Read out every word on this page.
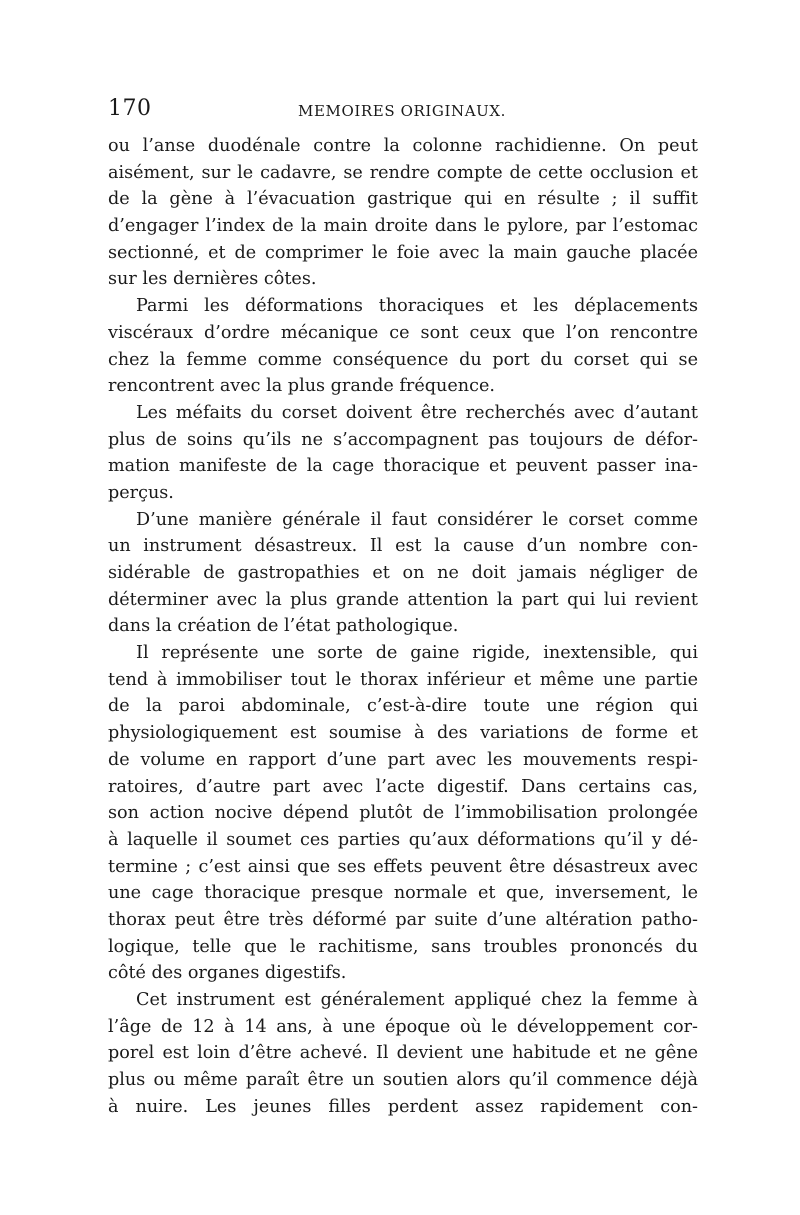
170	MEMOIRES ORIGINAUX.
ou l’anse duodénale contre la colonne rachidienne. On peut
aisément, sur le cadavre, se rendre compte de cette occlusion et
de la gène à l’évacuation gastrique qui en résulte ; il suffit
d’engager l’index de la main droite dans le pylore, par l’estomac
sectionné, et de comprimer le foie avec la main gauche placée
sur les dernières côtes.
Parmi les déformations thoraciques et les déplacements
viscéraux d’ordre mécanique ce sont ceux que l’on rencontre
chez la femme comme conséquence du port du corset qui se
rencontrent avec la plus grande fréquence.
Les méfaits du corset doivent être recherchés avec d’autant
plus de soins qu’ils ne s’accompagnent pas toujours de défor-
mation manifeste de la cage thoracique et peuvent passer ina-
perçus.
D’une manière générale il faut considérer le corset comme
un instrument désastreux. Il est la cause d’un nombre con-
sidérable de gastropathies et on ne doit jamais négliger de
déterminer avec la plus grande attention la part qui lui revient
dans la création de l’état pathologique.
Il représente une sorte de gaine rigide, inextensible, qui
tend à immobiliser tout le thorax inférieur et même une partie
de la paroi abdominale, c’est-à-dire toute une région qui
physiologiquement est soumise à des variations de forme et
de volume en rapport d’une part avec les mouvements respi-
ratoires, d’autre part avec l’acte digestif. Dans certains cas,
son action nocive dépend plutôt de l’immobilisation prolongée
à laquelle il soumet ces parties qu’aux déformations qu’il y dé-
termine ; c’est ainsi que ses effets peuvent être désastreux avec
une cage thoracique presque normale et que, inversement, le
thorax peut être très déformé par suite d’une altération patho-
logique, telle que le rachitisme, sans troubles prononcés du
côté des organes digestifs.
Cet instrument est généralement appliqué chez la femme à
l’âge de 12 à 14 ans, à une époque où le développement cor-
porel est loin d’être achevé. Il devient une habitude et ne gêne
plus ou même paraît être un soutien alors qu’il commence déjà
à nuire. Les jeunes filles perdent assez rapidement con-
